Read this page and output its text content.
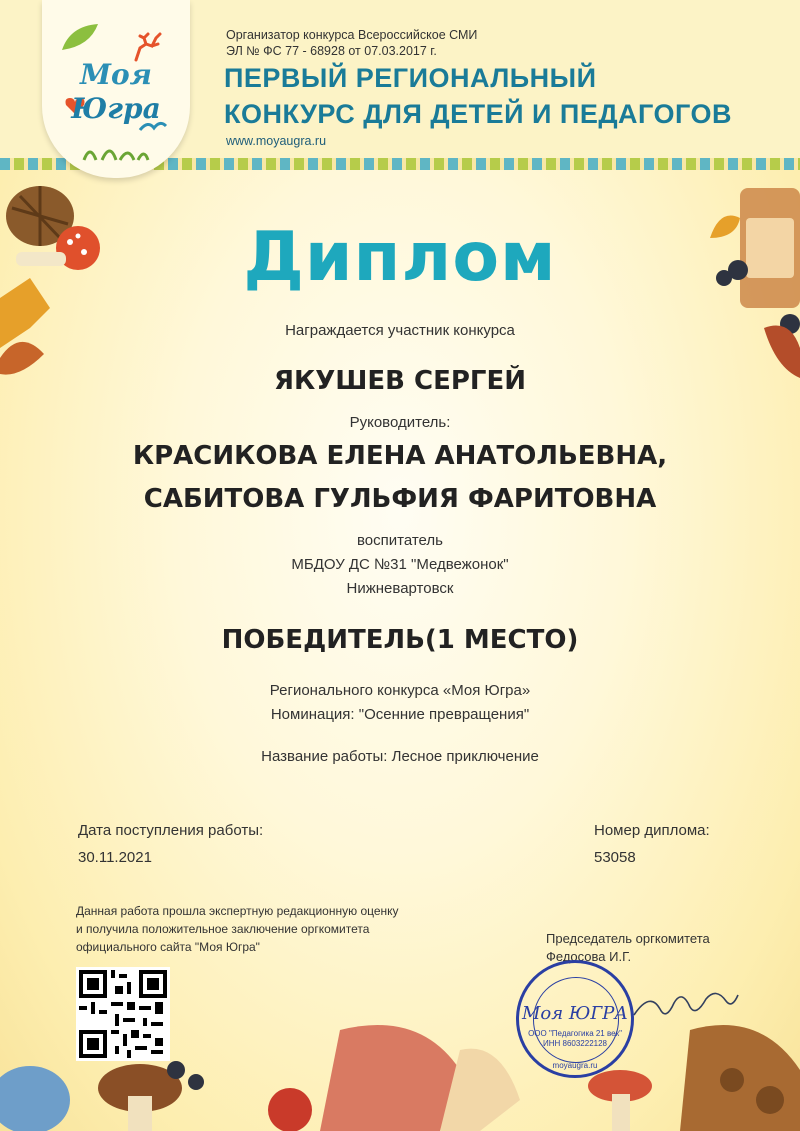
Моя
Югра
Организатор конкурса Всероссийское СМИ
ЭЛ № ФС 77 - 68928 от 07.03.2017 г.
ПЕРВЫЙ РЕГИОНАЛЬНЫЙ
КОНКУРС ДЛЯ ДЕТЕЙ И ПЕДАГОГОВ
www.moyaugra.ru
Диплом
Награждается участник конкурса
ЯКУШЕВ СЕРГЕЙ
Руководитель:
КРАСИКОВА ЕЛЕНА АНАТОЛЬЕВНА,
САБИТОВА ГУЛЬФИЯ ФАРИТОВНА
воспитатель
МБДОУ ДС №31 "Медвежонок"
Нижневартовск
ПОБЕДИТЕЛЬ(1 МЕСТО)
Регионального конкурса «Моя Югра»
Номинация: "Осенние превращения"
Название работы: Лесное приключение
Дата поступления работы:
30.11.2021
Номер диплома:
53058
Данная работа прошла экспертную редакционную оценку
и получила положительное заключение оргкомитета
официального сайта "Моя Югра"
Председатель оргкомитета
Федосова И.Г.
Моя ЮГРА
ООО "Педагогика 21 век"
ИНН 8603222128
moyaugra.ru
